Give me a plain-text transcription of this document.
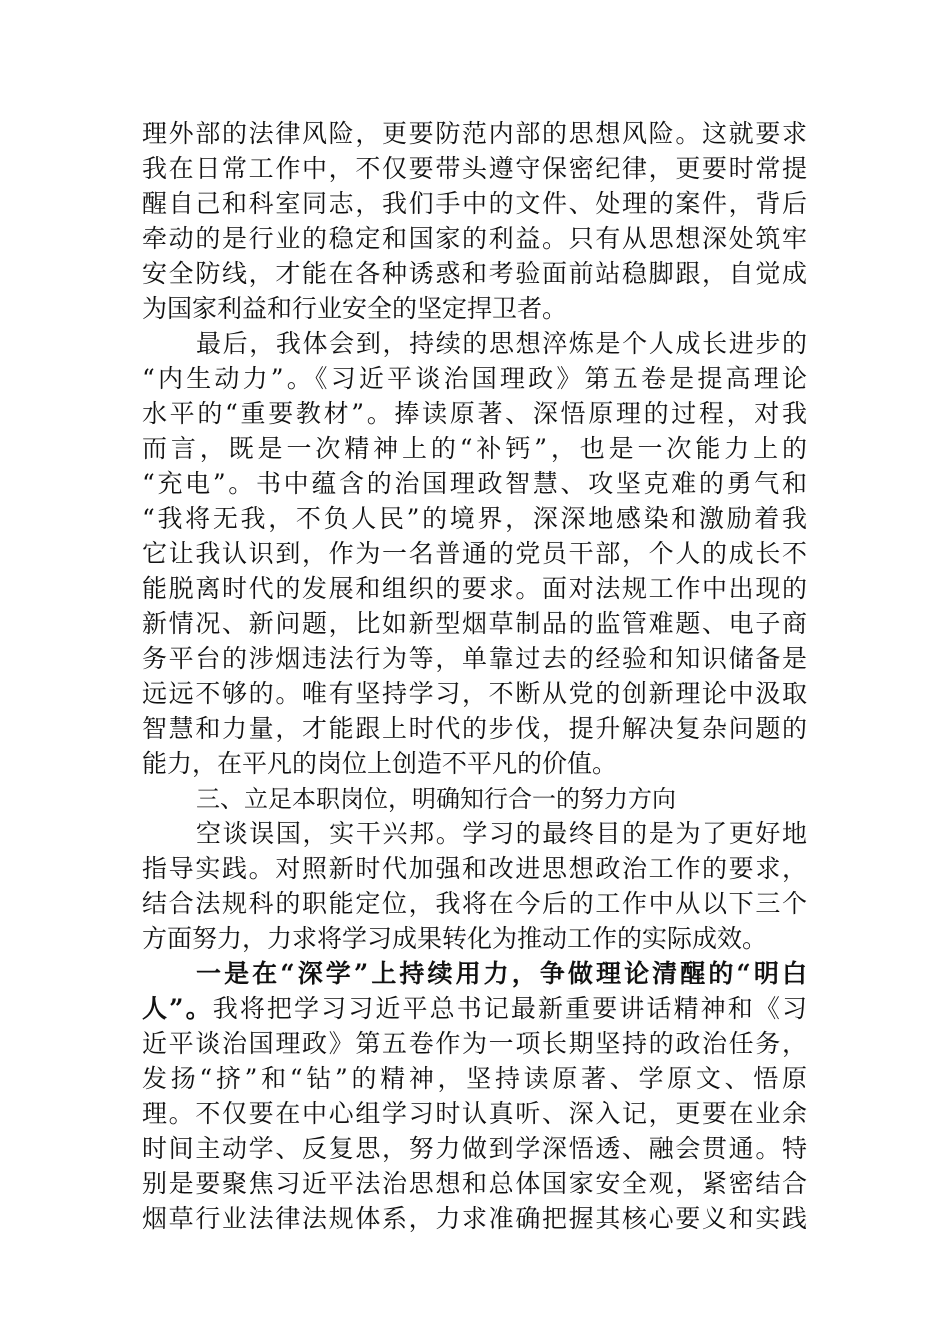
理外部的法律风险，更要防范内部的思想风险。这就要求
我在日常工作中，不仅要带头遵守保密纪律，更要时常提
醒自己和科室同志，我们手中的文件、处理的案件，背后
牵动的是行业的稳定和国家的利益。只有从思想深处筑牢
安全防线，才能在各种诱惑和考验面前站稳脚跟，自觉成
为国家利益和行业安全的坚定捍卫者。
最后，我体会到，持续的思想淬炼是个人成长进步的
“内生动力”。《习近平谈治国理政》第五卷是提高理论
水平的“重要教材”。捧读原著、深悟原理的过程，对我
而言，既是一次精神上的“补钙”，也是一次能力上的
“充电”。书中蕴含的治国理政智慧、攻坚克难的勇气和
“我将无我，不负人民”的境界，深深地感染和激励着我
它让我认识到，作为一名普通的党员干部，个人的成长不
能脱离时代的发展和组织的要求。面对法规工作中出现的
新情况、新问题，比如新型烟草制品的监管难题、电子商
务平台的涉烟违法行为等，单靠过去的经验和知识储备是
远远不够的。唯有坚持学习，不断从党的创新理论中汲取
智慧和力量，才能跟上时代的步伐，提升解决复杂问题的
能力，在平凡的岗位上创造不平凡的价值。
三、立足本职岗位，明确知行合一的努力方向
空谈误国，实干兴邦。学习的最终目的是为了更好地
指导实践。对照新时代加强和改进思想政治工作的要求，
结合法规科的职能定位，我将在今后的工作中从以下三个
方面努力，力求将学习成果转化为推动工作的实际成效。
一是在“深学”上持续用力，争做理论清醒的“明白
人”。我将把学习习近平总书记最新重要讲话精神和《习
近平谈治国理政》第五卷作为一项长期坚持的政治任务，
发扬“挤”和“钻”的精神，坚持读原著、学原文、悟原
理。不仅要在中心组学习时认真听、深入记，更要在业余
时间主动学、反复思，努力做到学深悟透、融会贯通。特
别是要聚焦习近平法治思想和总体国家安全观，紧密结合
烟草行业法律法规体系，力求准确把握其核心要义和实践
